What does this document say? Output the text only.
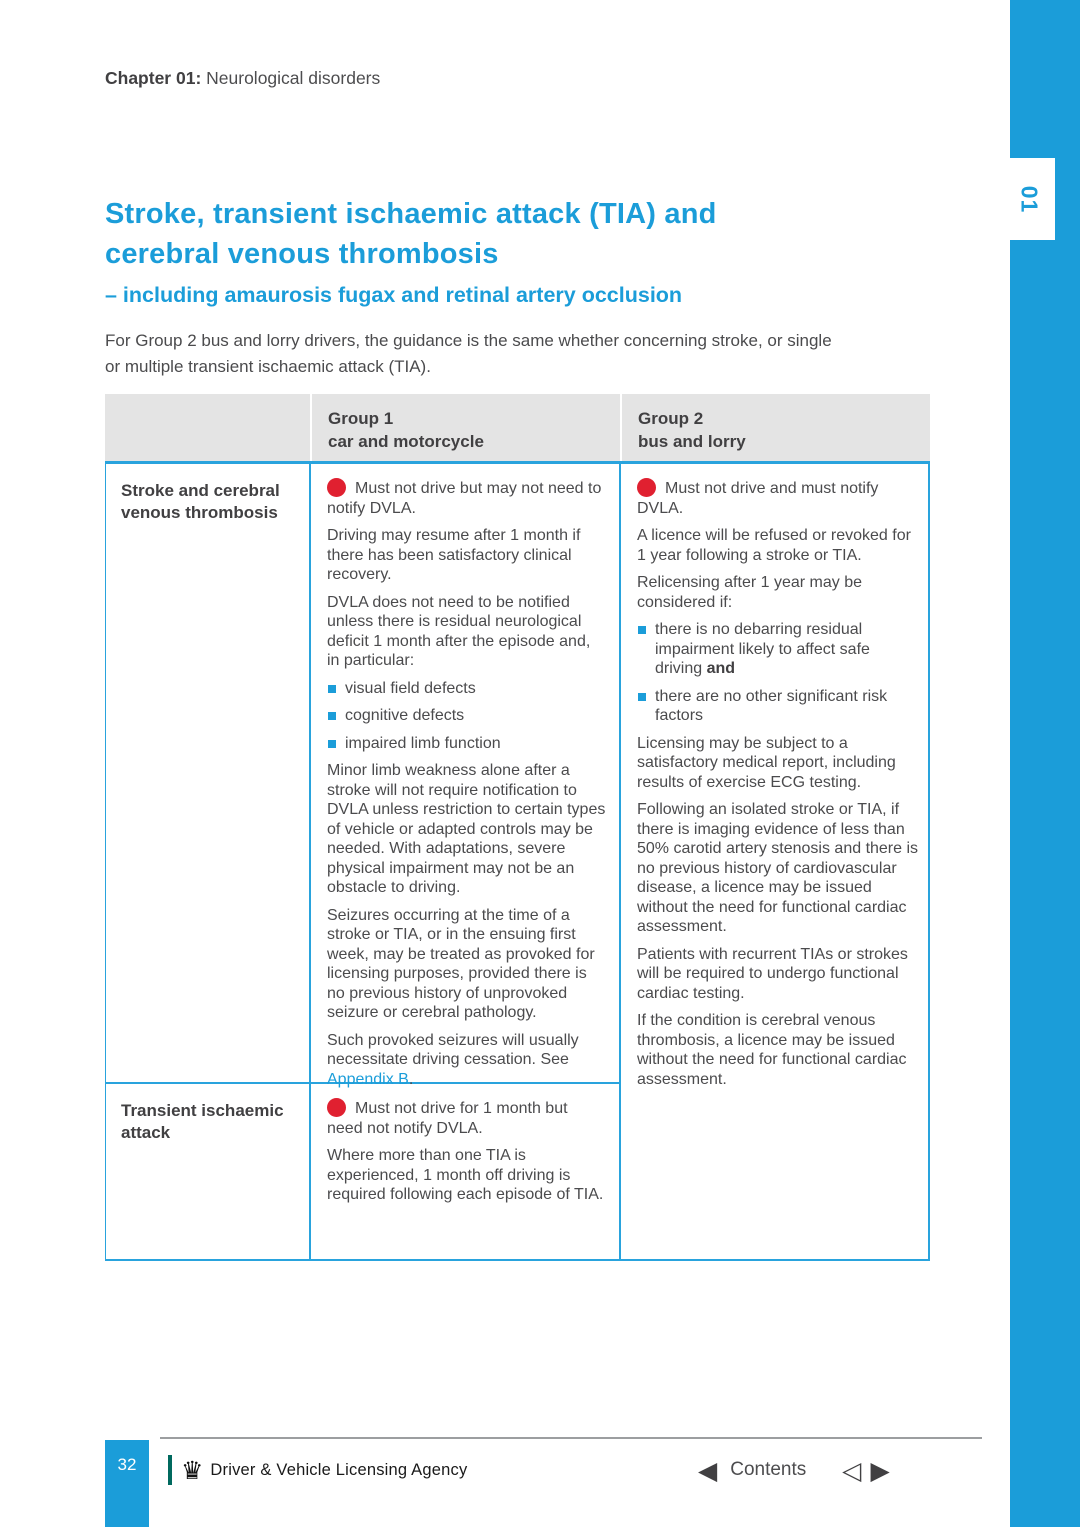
Chapter 01: Neurological disorders
Stroke, transient ischaemic attack (TIA) and
cerebral venous thrombosis
– including amaurosis fugax and retinal artery occlusion
For Group 2 bus and lorry drivers, the guidance is the same whether concerning stroke, or single or multiple transient ischaemic attack (TIA).
Group 1
car and motorcycle
Group 2
bus and lorry
Stroke and cerebral venous thrombosis
Must not drive but may not need to notify DVLA.
Driving may resume after 1 month if there has been satisfactory clinical recovery.
DVLA does not need to be notified unless there is residual neurological deficit 1 month after the episode and, in particular:
visual field defects
cognitive defects
impaired limb function
Minor limb weakness alone after a stroke will not require notification to DVLA unless restriction to certain types of vehicle or adapted controls may be needed. With adaptations, severe physical impairment may not be an obstacle to driving.
Seizures occurring at the time of a stroke or TIA, or in the ensuing first week, may be treated as provoked for licensing purposes, provided there is no previous history of unprovoked seizure or cerebral pathology.
Such provoked seizures will usually necessitate driving cessation. See Appendix B.
Must not drive and must notify DVLA.
A licence will be refused or revoked for 1 year following a stroke or TIA.
Relicensing after 1 year may be considered if:
there is no debarring residual impairment likely to affect safe driving and
there are no other significant risk factors
Licensing may be subject to a satisfactory medical report, including results of exercise ECG testing.
Following an isolated stroke or TIA, if there is imaging evidence of less than 50% carotid artery stenosis and there is no previous history of cardiovascular disease, a licence may be issued without the need for functional cardiac assessment.
Patients with recurrent TIAs or strokes will be required to undergo functional cardiac testing.
If the condition is cerebral venous thrombosis, a licence may be issued without the need for functional cardiac assessment.
Transient ischaemic attack
Must not drive for 1 month but need not notify DVLA.
Where more than one TIA is experienced, 1 month off driving is required following each episode of TIA.
32	♛ Driver & Vehicle Licensing Agency	◀ Contents ◁ ▶
01
